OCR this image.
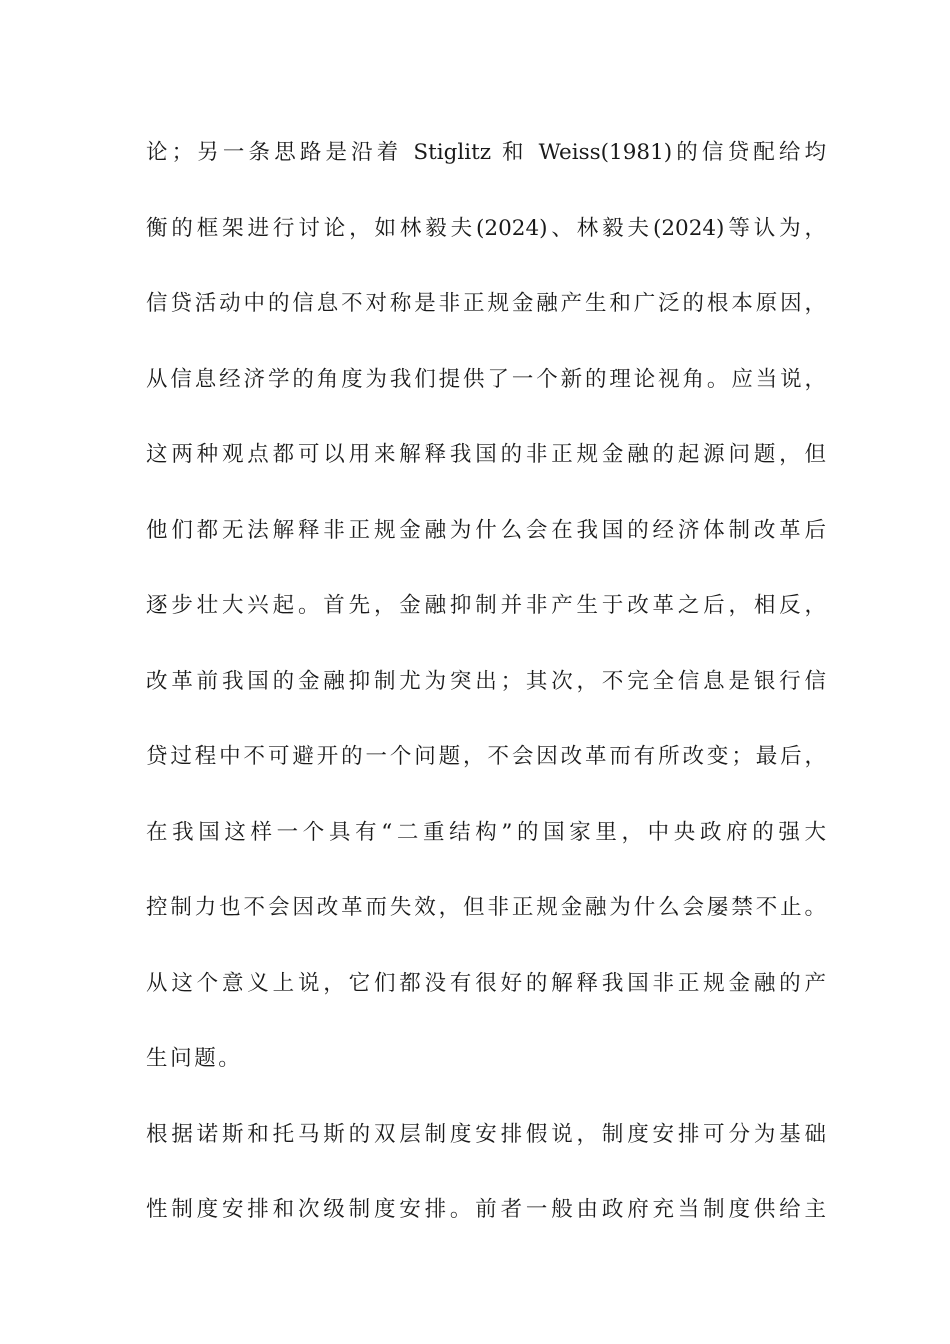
论；另一条思路是沿着 Stiglitz 和 Weiss(1981)的信贷配给均
衡的框架进行讨论，如林毅夫(2024)、林毅夫(2024)等认为，
信贷活动中的信息不对称是非正规金融产生和广泛的根本原因，
从信息经济学的角度为我们提供了一个新的理论视角。应当说，
这两种观点都可以用来解释我国的非正规金融的起源问题，但
他们都无法解释非正规金融为什么会在我国的经济体制改革后
逐步壮大兴起。首先，金融抑制并非产生于改革之后，相反，
改革前我国的金融抑制尤为突出；其次，不完全信息是银行信
贷过程中不可避开的一个问题，不会因改革而有所改变；最后，
在我国这样一个具有“二重结构”的国家里，中央政府的强大
控制力也不会因改革而失效，但非正规金融为什么会屡禁不止。
从这个意义上说，它们都没有很好的解释我国非正规金融的产
生问题。
根据诺斯和托马斯的双层制度安排假说，制度安排可分为基础
性制度安排和次级制度安排。前者一般由政府充当制度供给主
